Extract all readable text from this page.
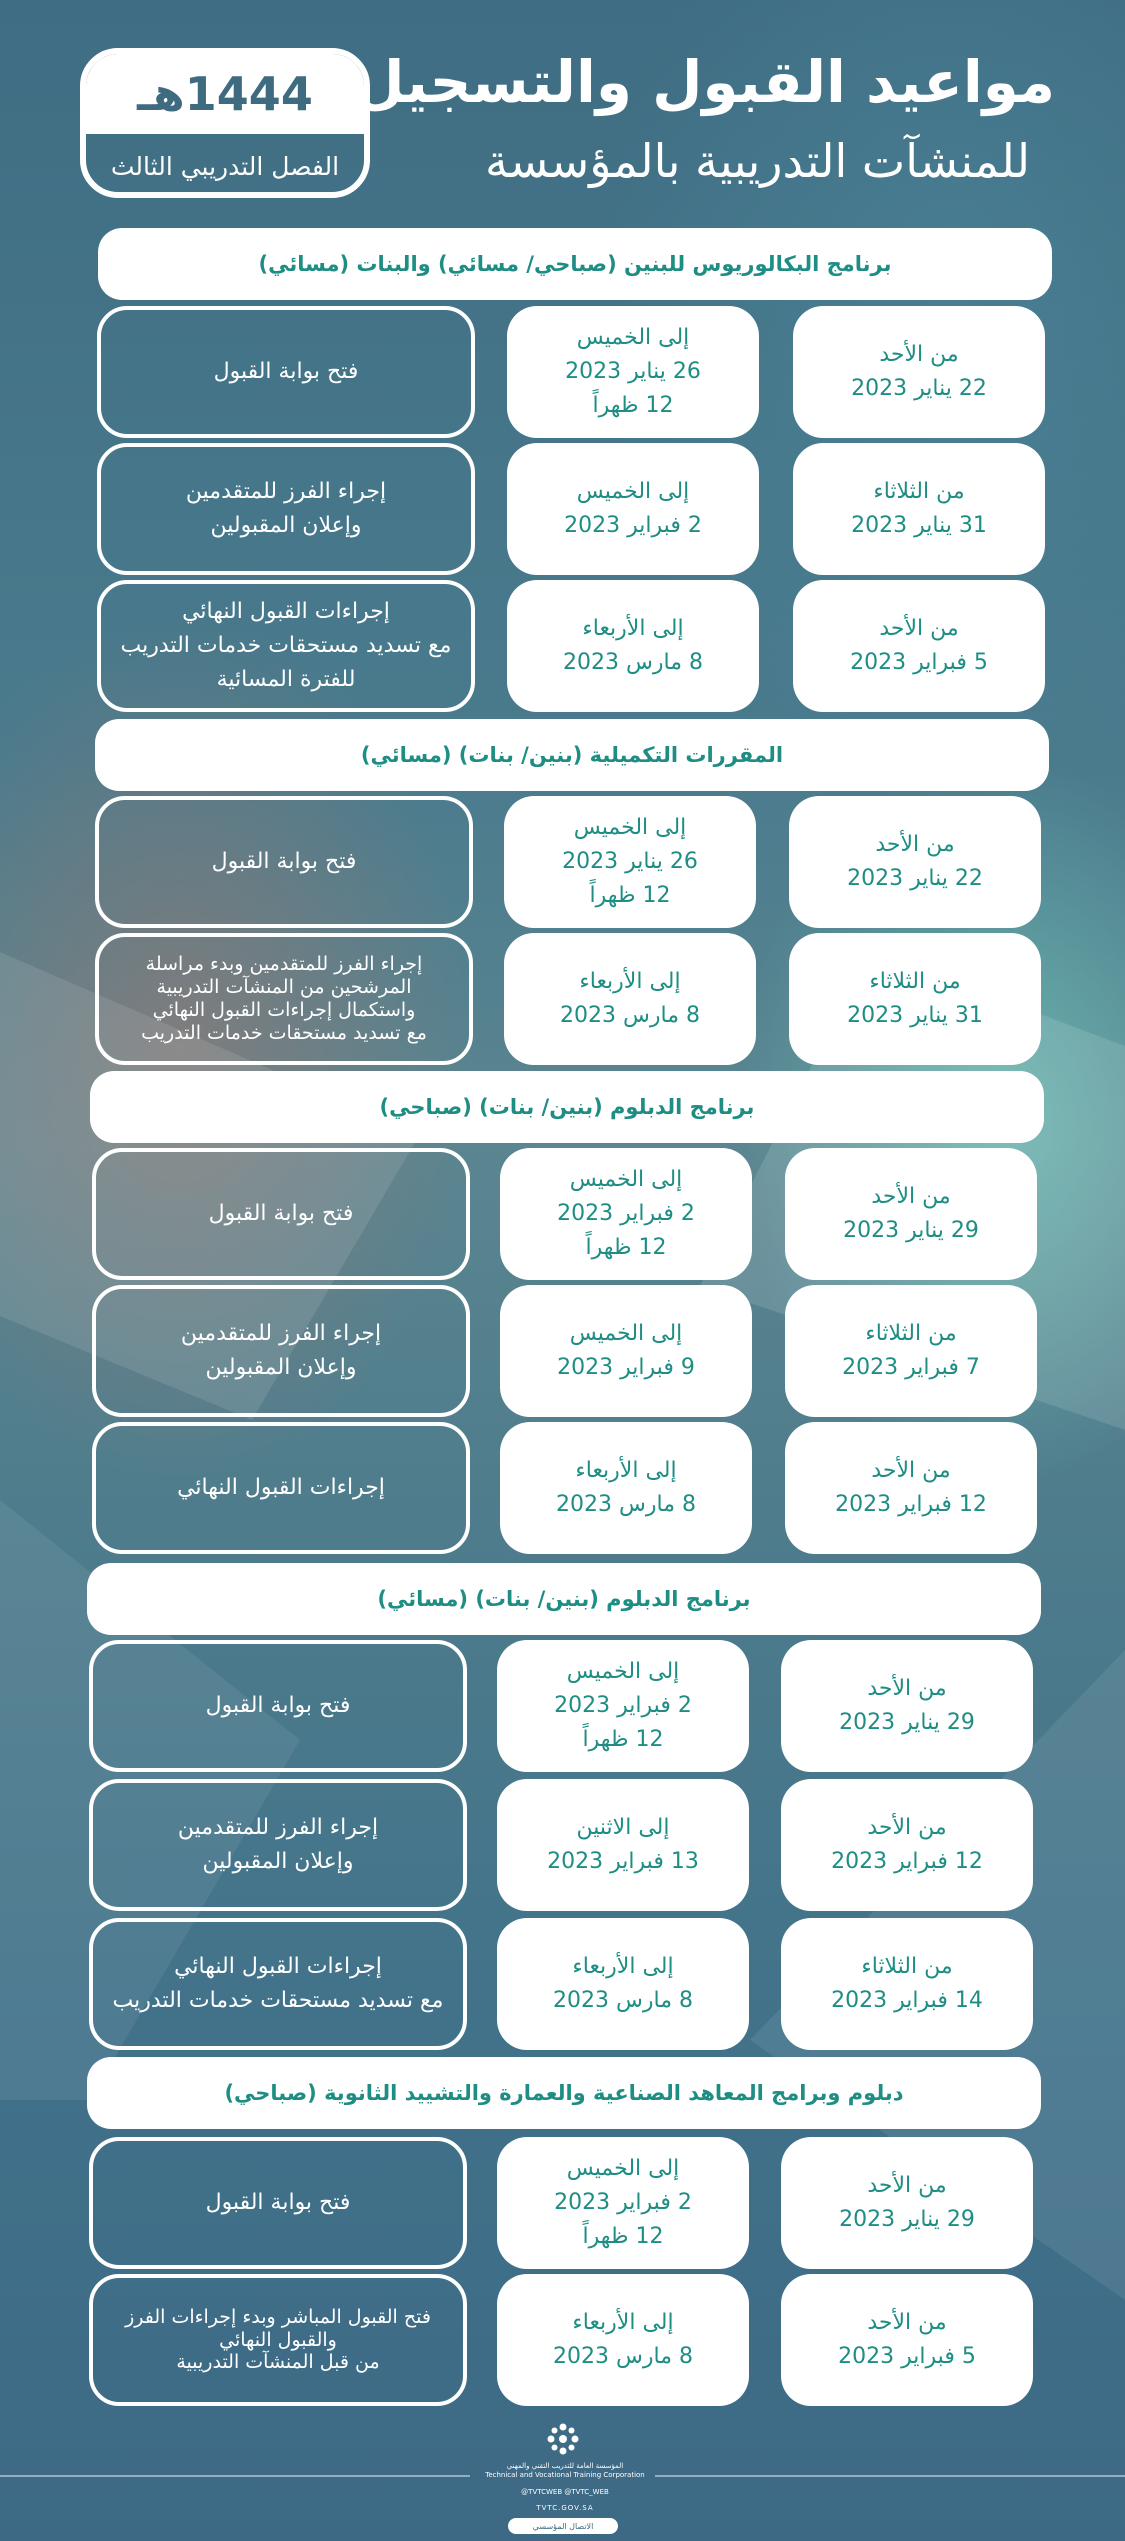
1444هـ
الفصل التدريبي الثالث
مواعيد القبول والتسجيل
للمنشآت التدريبية بالمؤسسة
برنامج البكالوريوس للبنين (صباحي/ مسائي) والبنات (مسائي)
من الأحد
22 يناير 2023
إلى الخميس
26 يناير 2023
12 ظهراً
فتح بوابة القبول
من الثلاثاء
31 يناير 2023
إلى الخميس
2 فبراير 2023
إجراء الفرز للمتقدمين
وإعلان المقبولين
من الأحد
5 فبراير 2023
إلى الأربعاء
8 مارس 2023
إجراءات القبول النهائي
مع تسديد مستحقات خدمات التدريب
للفترة المسائية
المقررات التكميلية (بنين/ بنات) (مسائي)
من الأحد
22 يناير 2023
إلى الخميس
26 يناير 2023
12 ظهراً
فتح بوابة القبول
من الثلاثاء
31 يناير 2023
إلى الأربعاء
8 مارس 2023
إجراء الفرز للمتقدمين وبدء مراسلة
المرشحين من المنشآت التدريبية
واستكمال إجراءات القبول النهائي
مع تسديد مستحقات خدمات التدريب
برنامج الدبلوم (بنين/ بنات) (صباحي)
من الأحد
29 يناير 2023
إلى الخميس
2 فبراير 2023
12 ظهراً
فتح بوابة القبول
من الثلاثاء
7 فبراير 2023
إلى الخميس
9 فبراير 2023
إجراء الفرز للمتقدمين
وإعلان المقبولين
من الأحد
12 فبراير 2023
إلى الأربعاء
8 مارس 2023
إجراءات القبول النهائي
برنامج الدبلوم (بنين/ بنات) (مسائي)
من الأحد
29 يناير 2023
إلى الخميس
2 فبراير 2023
12 ظهراً
فتح بوابة القبول
من الأحد
12 فبراير 2023
إلى الاثنين
13 فبراير 2023
إجراء الفرز للمتقدمين
وإعلان المقبولين
من الثلاثاء
14 فبراير 2023
إلى الأربعاء
8 مارس 2023
إجراءات القبول النهائي
مع تسديد مستحقات خدمات التدريب
دبلوم وبرامج المعاهد الصناعية والعمارة والتشييد الثانوية (صباحي)
من الأحد
29 يناير 2023
إلى الخميس
2 فبراير 2023
12 ظهراً
فتح بوابة القبول
من الأحد
5 فبراير 2023
إلى الأربعاء
8 مارس 2023
فتح القبول المباشر وبدء إجراءات الفرز
والقبول النهائي
من قبل المنشآت التدريبية
المؤسسة العامة للتدريب التقني والمهني
Technical and Vocational Training Corporation
@TVTCWEB @TVTC_WEB
TVTC.GOV.SA
الاتصال المؤسسي
